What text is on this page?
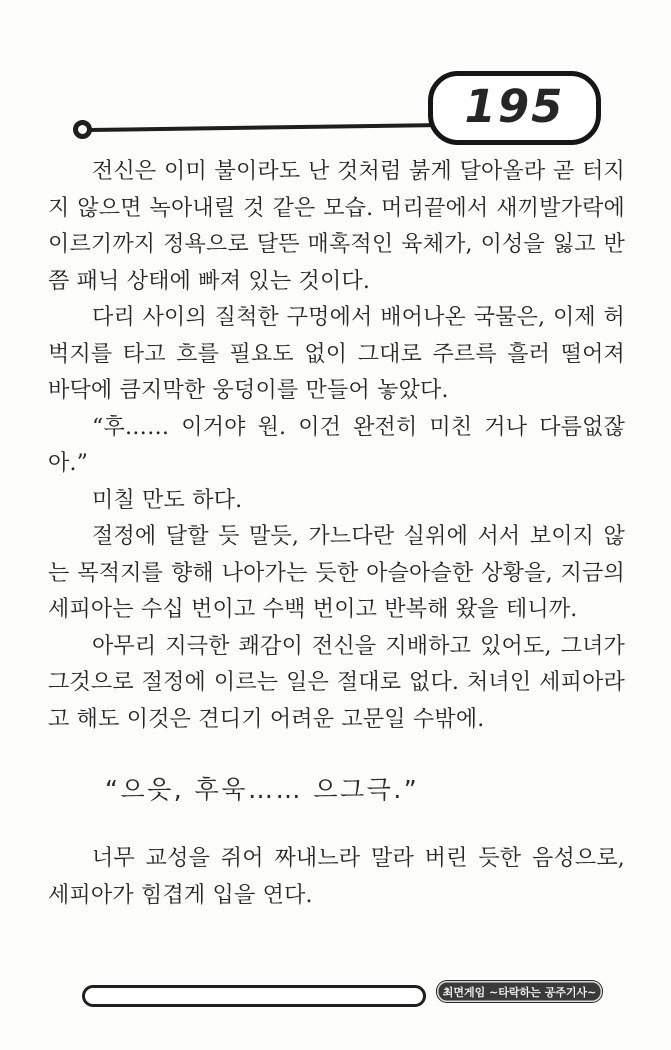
195

전신은 이미 불이라도 난 것처럼 붉게 달아올라 곧 터지지 않으면 녹아내릴 것 같은 모습. 머리끝에서 새끼발가락에 이르기까지 정욕으로 달뜬 매혹적인 육체가, 이성을 잃고 반쯤 패닉 상태에 빠져 있는 것이다.

다리 사이의 질척한 구멍에서 배어나온 국물은, 이제 허벅지를 타고 흐를 필요도 없이 그대로 주르륵 흘러 떨어져 바닥에 큼지막한 웅덩이를 만들어 놓았다.

“후…… 이거야 원. 이건 완전히 미친 거나 다름없잖아.”

미칠 만도 하다.

절정에 달할 듯 말듯, 가느다란 실위에 서서 보이지 않는 목적지를 향해 나아가는 듯한 아슬아슬한 상황을, 지금의 세피아는 수십 번이고 수백 번이고 반복해 왔을 테니까.

아무리 지극한 쾌감이 전신을 지배하고 있어도, 그녀가 그것으로 절정에 이르는 일은 절대로 없다. 처녀인 세피아라고 해도 이것은 견디기 어려운 고문일 수밖에.

“으읏, 후욱…… 으그극.”

너무 교성을 쥐어 짜내느라 말라 버린 듯한 음성으로, 세피아가 힘겹게 입을 연다.

최면게임 ~타락하는 공주기사~
